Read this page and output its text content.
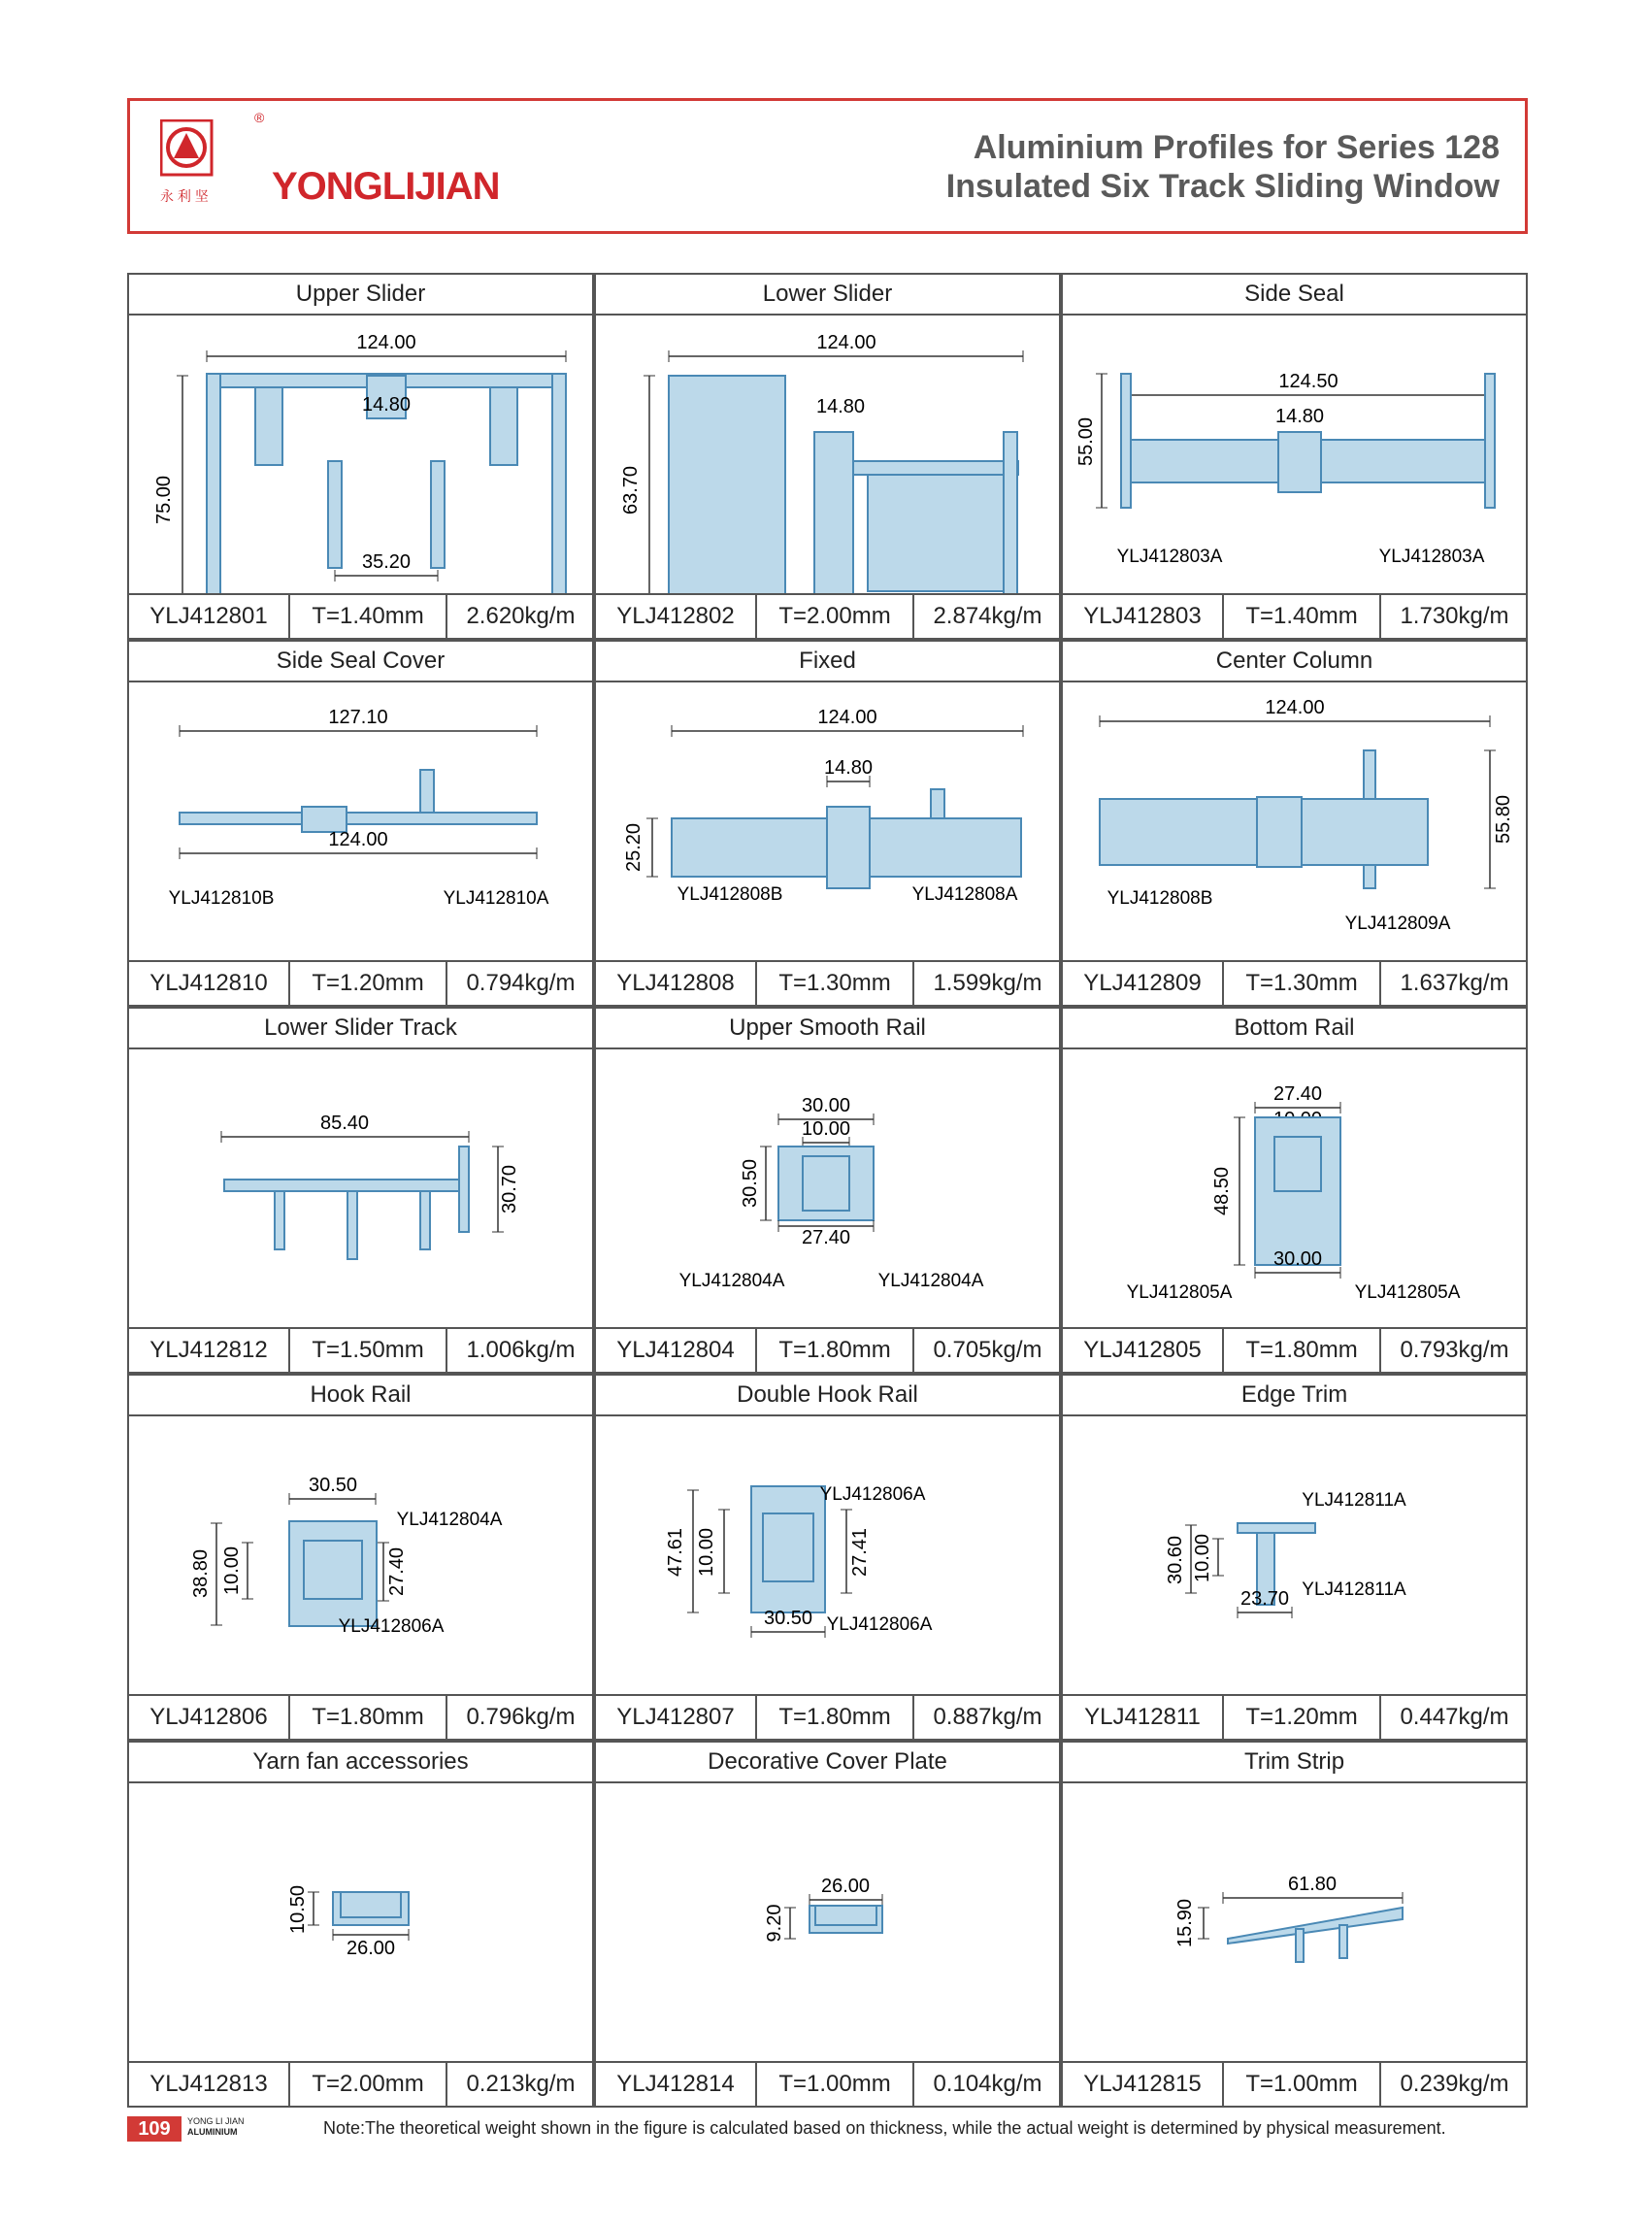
永 利 坚
®
YONGLIJIAN
Aluminium Profiles for Series 128
Insulated Six Track Sliding Window
Upper Slider
124.00
75.00
14.80
35.20
YLJ412801	T=1.40mm	2.620kg/m
Lower Slider
124.00
63.70
14.80
YLJ412802	T=2.00mm	2.874kg/m
Side Seal
124.50
55.00
14.80
YLJ412803A	YLJ412803A
YLJ412803	T=1.40mm	1.730kg/m
Side Seal Cover
127.10
124.00
YLJ412810B	YLJ412810A
YLJ412810	T=1.20mm	0.794kg/m
Fixed
124.00
25.20
14.80
YLJ412808B	YLJ412808A
YLJ412808	T=1.30mm	1.599kg/m
Center Column
124.00
55.80
YLJ412808B
YLJ412809A
YLJ412809	T=1.30mm	1.637kg/m
Lower Slider Track
85.40
30.70
YLJ412812	T=1.50mm	1.006kg/m
Upper Smooth Rail
30.00
10.00
30.50
27.40
YLJ412804A	YLJ412804A
YLJ412804	T=1.80mm	0.705kg/m
Bottom Rail
27.40
48.50
30.00
YLJ412805A	YLJ412805A
YLJ412805	T=1.80mm	0.793kg/m
Hook Rail
30.50
38.80 10.00	27.40
YLJ412804A
YLJ412806A
YLJ412806	T=1.80mm	0.796kg/m
Double Hook Rail
47.61 10.00	27.41
30.50
YLJ412806A
YLJ412806A
YLJ412807	T=1.80mm	0.887kg/m
Edge Trim
30.60 10.00
23.70
YLJ412811A
YLJ412811A
YLJ412811	T=1.20mm	0.447kg/m
Yarn fan accessories
10.50
26.00
YLJ412813	T=2.00mm	0.213kg/m
Decorative Cover Plate
26.00
9.20
YLJ412814	T=1.00mm	0.104kg/m
Trim Strip
61.80
15.90
YLJ412815	T=1.00mm	0.239kg/m
109	YONG LI JIAN
ALUMINIUM	Note:The theoretical weight shown in the figure is calculated based on thickness, while the actual weight is determined by physical measurement.
